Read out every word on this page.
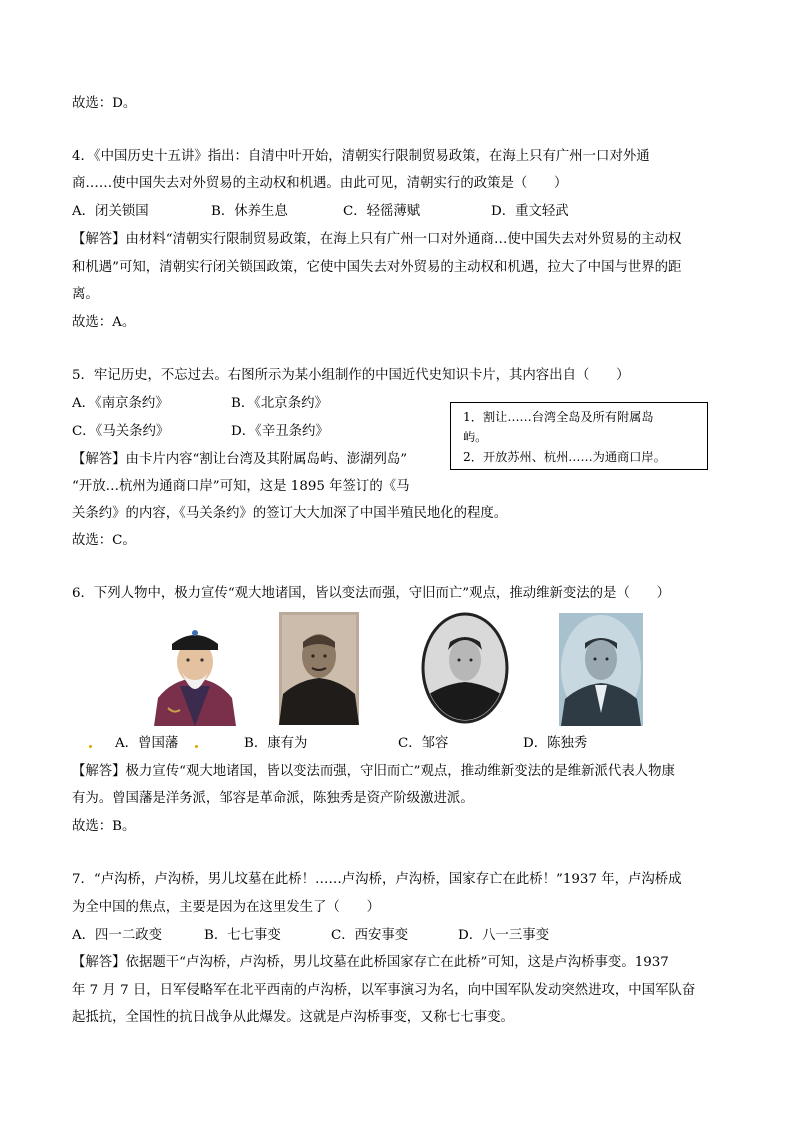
故选：D。
4．《中国历史十五讲》指出：自清中叶开始，清朝实行限制贸易政策，在海上只有广州一口对外通
商……使中国失去对外贸易的主动权和机遇。由此可见，清朝实行的政策是（　　）
A．闭关锁国	B．休养生息	C．轻徭薄赋	D．重文轻武
【解答】由材料“清朝实行限制贸易政策，在海上只有广州一口对外通商…使中国失去对外贸易的主动权
和机遇”可知，清朝实行闭关锁国政策，它使中国失去对外贸易的主动权和机遇，拉大了中国与世界的距
离。
故选：A。
5．牢记历史，不忘过去。右图所示为某小组制作的中国近代史知识卡片，其内容出自（　　）
A．《南京条约》	B．《北京条约》
C．《马关条约》	D．《辛丑条约》
1．割让……台湾全岛及所有附属岛
屿。
2．开放苏州、杭州……为通商口岸。
【解答】由卡片内容“割让台湾及其附属岛屿、澎湖列岛”
“开放…杭州为通商口岸”可知，这是 1895 年签订的《马
关条约》的内容，《马关条约》的签订大大加深了中国半殖民地化的程度。
故选：C。
6．下列人物中，极力宣传“观大地诸国，皆以变法而强，守旧而亡”观点，推动维新变法的是（　　）
A．曾国藩	B．康有为	C．邹容	D．陈独秀
【解答】极力宣传“观大地诸国，皆以变法而强，守旧而亡”观点，推动维新变法的是维新派代表人物康
有为。曾国藩是洋务派，邹容是革命派，陈独秀是资产阶级激进派。
故选：B。
7．“卢沟桥，卢沟桥，男儿坟墓在此桥！……卢沟桥，卢沟桥，国家存亡在此桥！”1937 年，卢沟桥成
为全中国的焦点，主要是因为在这里发生了（　　）
A．四一二政变	B．七七事变	C．西安事变	D．八一三事变
【解答】依据题干“卢沟桥，卢沟桥，男儿坟墓在此桥国家存亡在此桥”可知，这是卢沟桥事变。1937
年 7 月 7 日，日军侵略军在北平西南的卢沟桥，以军事演习为名，向中国军队发动突然进攻，中国军队奋
起抵抗，全国性的抗日战争从此爆发。这就是卢沟桥事变，又称七七事变。
